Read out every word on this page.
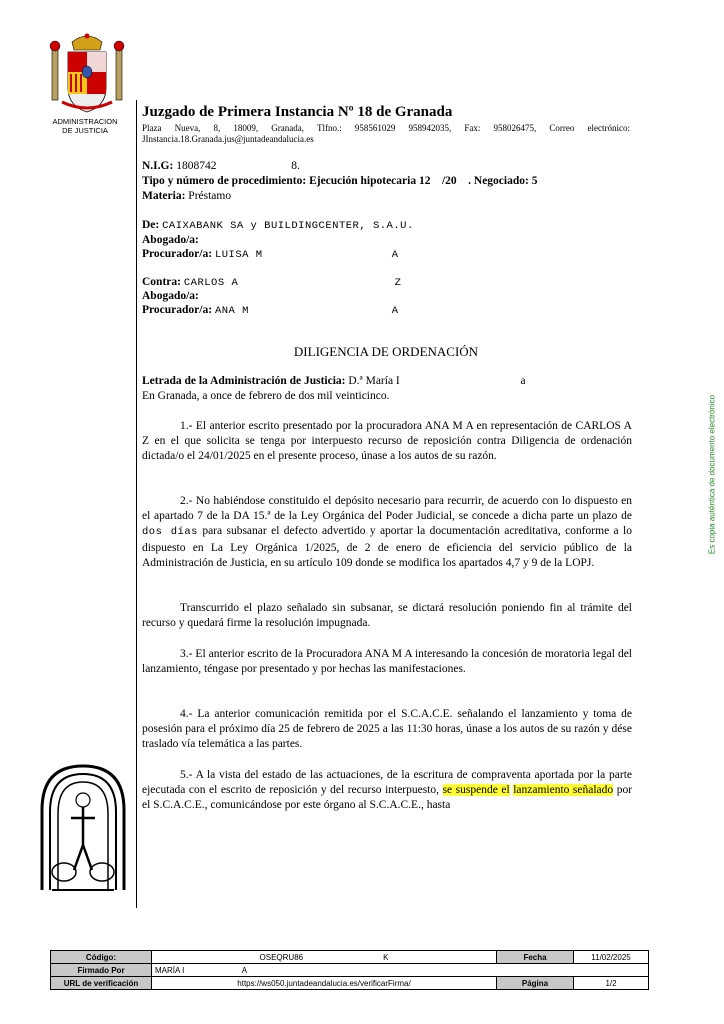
ADMINISTRACION
DE JUSTICIA
Juzgado de Primera Instancia Nº 18 de Granada
Plaza Nueva, 8, 18009, Granada, Tlfno.: 958561029 958942035, Fax: 958026475, Correo electrónico: JInstancia.18.Granada.jus@juntadeandalucia.es
N.I.G: 1808742                          8.
Tipo y número de procedimiento: Ejecución hipotecaria 12    /20    . Negociado: 5
Materia: Préstamo
De: CAIXABANK SA y BUILDINGCENTER, S.A.U.
Abogado/a:
Procurador/a: LUISA M                   A
Contra: CARLOS A                       Z
Abogado/a:
Procurador/a: ANA M                     A
DILIGENCIA DE ORDENACIÓN
Letrada de la Administración de Justicia: D.ª María I                                          a
En Granada, a once de febrero de dos mil veinticinco.
1.- El anterior escrito presentado por la procuradora ANA M A en representación de CARLOS A Z en el que solicita se tenga por interpuesto recurso de reposición contra Diligencia de ordenación dictada/o el 24/01/2025 en el presente proceso, únase a los autos de su razón.
2.- No habiéndose constituido el depósito necesario para recurrir, de acuerdo con lo dispuesto en el apartado 7 de la DA 15.ª de la Ley Orgánica del Poder Judicial, se concede a dicha parte un plazo de dos días para subsanar el defecto advertido y aportar la documentación acreditativa, conforme a lo dispuesto en La Ley Orgánica 1/2025, de 2 de enero de eficiencia del servicio público de la Administración de Justicia, en su artículo 109 donde se modifica los apartados 4,7 y 9 de la LOPJ.
Transcurrido el plazo señalado sin subsanar, se dictará resolución poniendo fin al trámite del recurso y quedará firme la resolución impugnada.
3.- El anterior escrito de la Procuradora ANA M A interesando la concesión de moratoria legal del lanzamiento, téngase por presentado y por hechas las manifestaciones.
4.- La anterior comunicación remitida por el S.C.A.C.E. señalando el lanzamiento y toma de posesión para el próximo día 25 de febrero de 2025 a las 11:30 horas, únase a los autos de su razón y dése traslado vía telemática a las partes.
5.- A la vista del estado de las actuaciones, de la escritura de compraventa aportada por la parte ejecutada con el escrito de reposición y del recurso interpuesto, se suspende el lanzamiento señalado por el S.C.A.C.E., comunicándose por este órgano al S.C.A.C.E., hasta
Es copia auténtica de documento electrónico
Código:	OSEQRU86                                    K	Fecha	11/02/2025
Firmado Por	MARÍA I                          A		
URL de verificación	https://ws050.juntadeandalucia.es/verificarFirma/	Página	1/2
